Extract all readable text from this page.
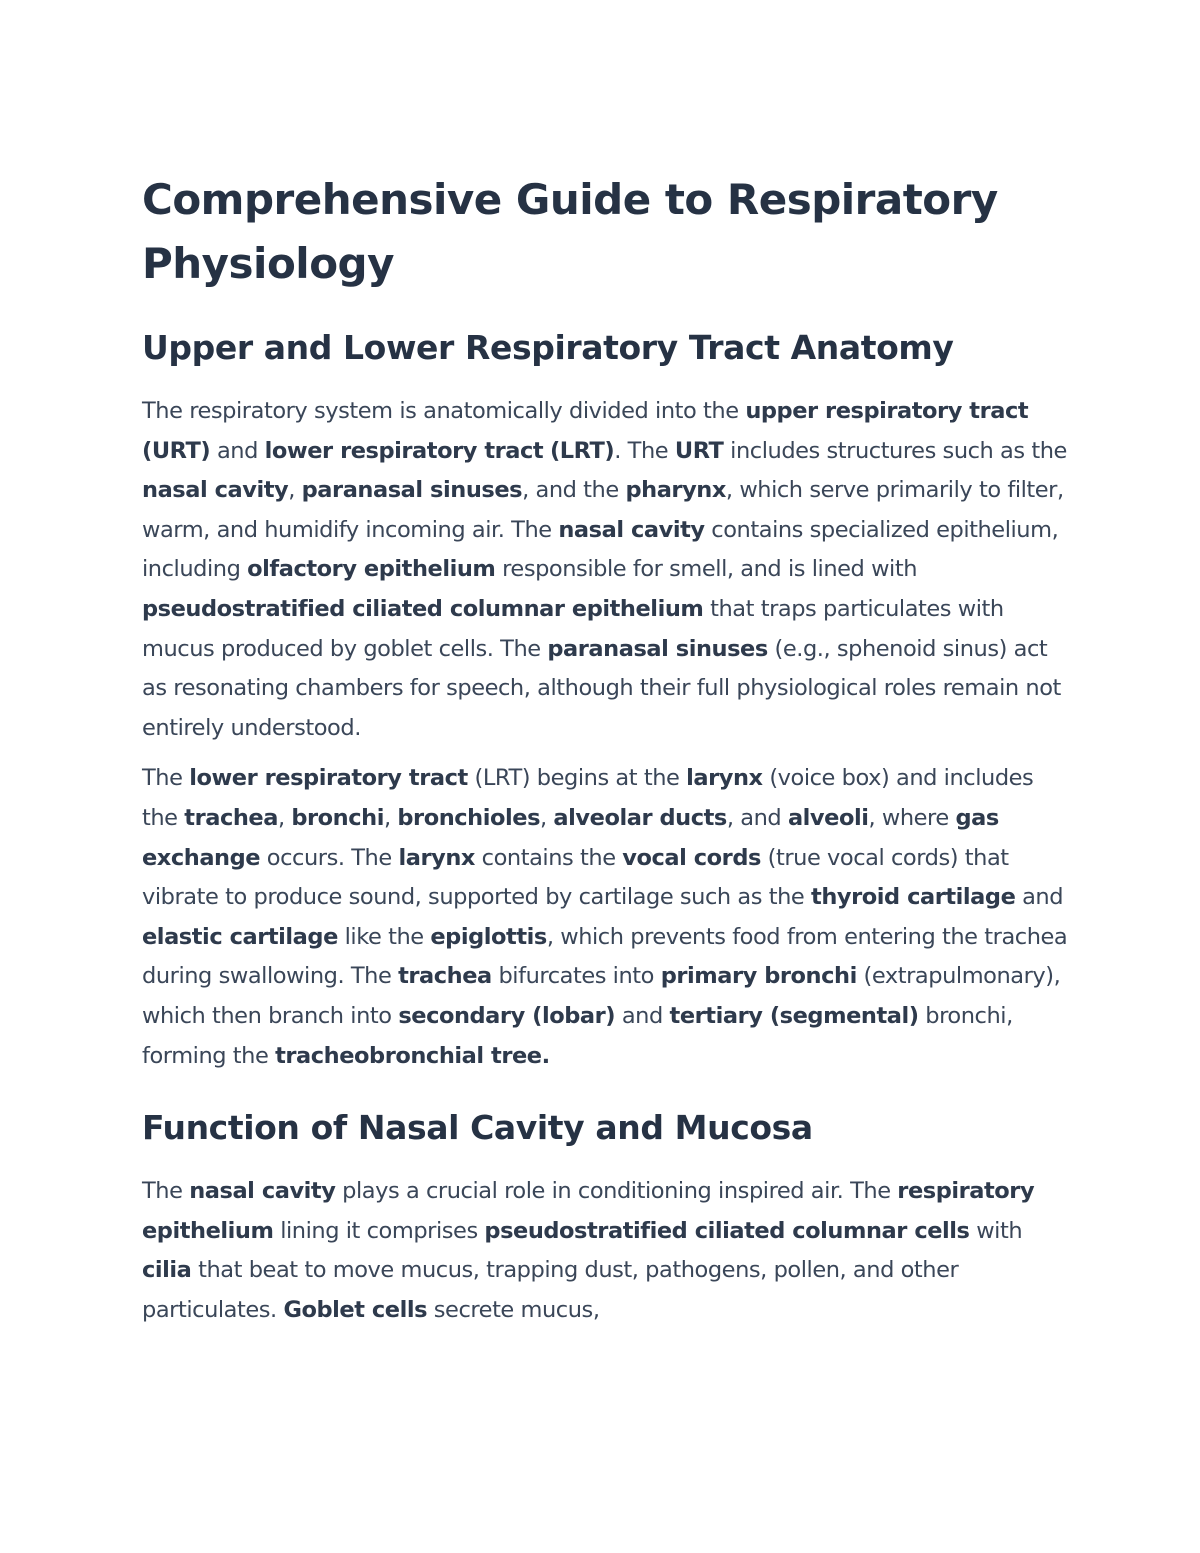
Comprehensive Guide to Respiratory Physiology
Upper and Lower Respiratory Tract Anatomy

The respiratory system is anatomically divided into the upper respiratory tract (URT) and lower respiratory tract (LRT). The URT includes structures such as the nasal cavity, paranasal sinuses, and the pharynx, which serve primarily to filter, warm, and humidify incoming air. The nasal cavity contains specialized epithelium, including olfactory epithelium responsible for smell, and is lined with pseudostratified ciliated columnar epithelium that traps particulates with mucus produced by goblet cells. The paranasal sinuses (e.g., sphenoid sinus) act as resonating chambers for speech, although their full physiological roles remain not entirely understood.

The lower respiratory tract (LRT) begins at the larynx (voice box) and includes the trachea, bronchi, bronchioles, alveolar ducts, and alveoli, where gas exchange occurs. The larynx contains the vocal cords (true vocal cords) that vibrate to produce sound, supported by cartilage such as the thyroid cartilage and elastic cartilage like the epiglottis, which prevents food from entering the trachea during swallowing. The trachea bifurcates into primary bronchi (extrapulmonary), which then branch into secondary (lobar) and tertiary (segmental) bronchi, forming the tracheobronchial tree.

Function of Nasal Cavity and Mucosa

The nasal cavity plays a crucial role in conditioning inspired air. The respiratory epithelium lining it comprises pseudostratified ciliated columnar cells with cilia that beat to move mucus, trapping dust, pathogens, pollen, and other particulates. Goblet cells secrete mucus,
